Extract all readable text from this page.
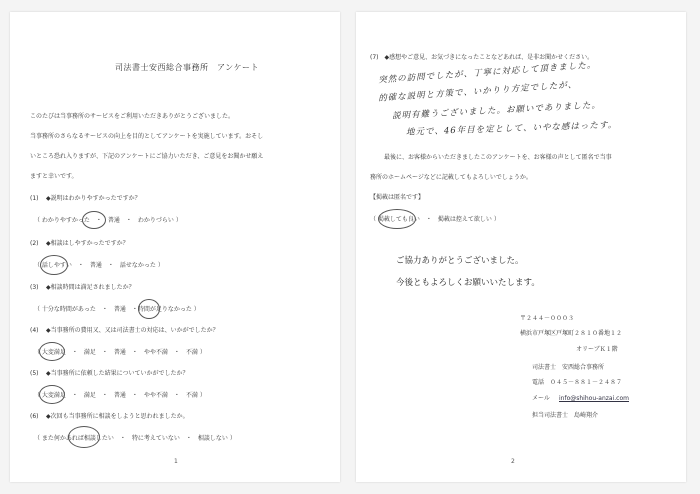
司法書士安西総合事務所　アンケート
このたびは当事務所のサービスをご利用いただきありがとうございました。
当事務所のさらなるサービスの向上を目的としてアンケートを実施しています。おそし
いところ恐れ入りますが、下記のアンケートにご協力いただき、ご意見をお聞かせ願え
ますと幸いです。
(1) ◆説明はわかりやすかったですか？
（ わかりやすかった　・　普通　・　わかりづらい ）
(2) ◆相談はしやすかったですか？
（ 話しやすい　・　普通　・　話せなかった ）
(3) ◆相談時間は満足されましたか？
（ 十分な時間があった　・　普通　・時間が足りなかった ）
(4) ◆当事務所の費用又、又は司法書士の対応は、いかがでしたか？
（ 大変満足　・　満足　・　普通　・　やや不満　・　不満 ）
(5) ◆当事務所に依頼した結果についていかがでしたか？
（ 大変満足　・　満足　・　普通　・　やや不満　・　不満 ）
(6) ◆次回も当事務所に相談をしようと思われましたか。
（ また何かあれば相談したい　・　特に考えていない　・　相談しない ）
1
(7)　◆感想やご意見、お気づきになったことなどあれば、是非お聞かせください。
突然の訪問でしたが、丁寧に対応して頂きました。
的確な説明と方策で、いかりり方定でしたが、
説明有難うございました。お願いでありました。
地元で、46年目を定として、いやな感はったす。
最後に、お客様からいただきましたこのアンケートを、お客様の声として匿名で当事
務所のホームページなどに記載してもよろしいでしょうか。
【掲載は匿名です】
（ 掲載しても良い　・　掲載は控えて欲しい ）
ご協力ありがとうございました。
今後ともよろしくお願いいたします。
〒２４４－０００３
横浜市戸塚区戸塚町２８１０番地１２
オリーブＫ１階
司法書士　安西総合事務所
電話　０４５－８８１－２４８７
メール info@shihou-anzai.com
担当司法書士　島崎翔介
2
